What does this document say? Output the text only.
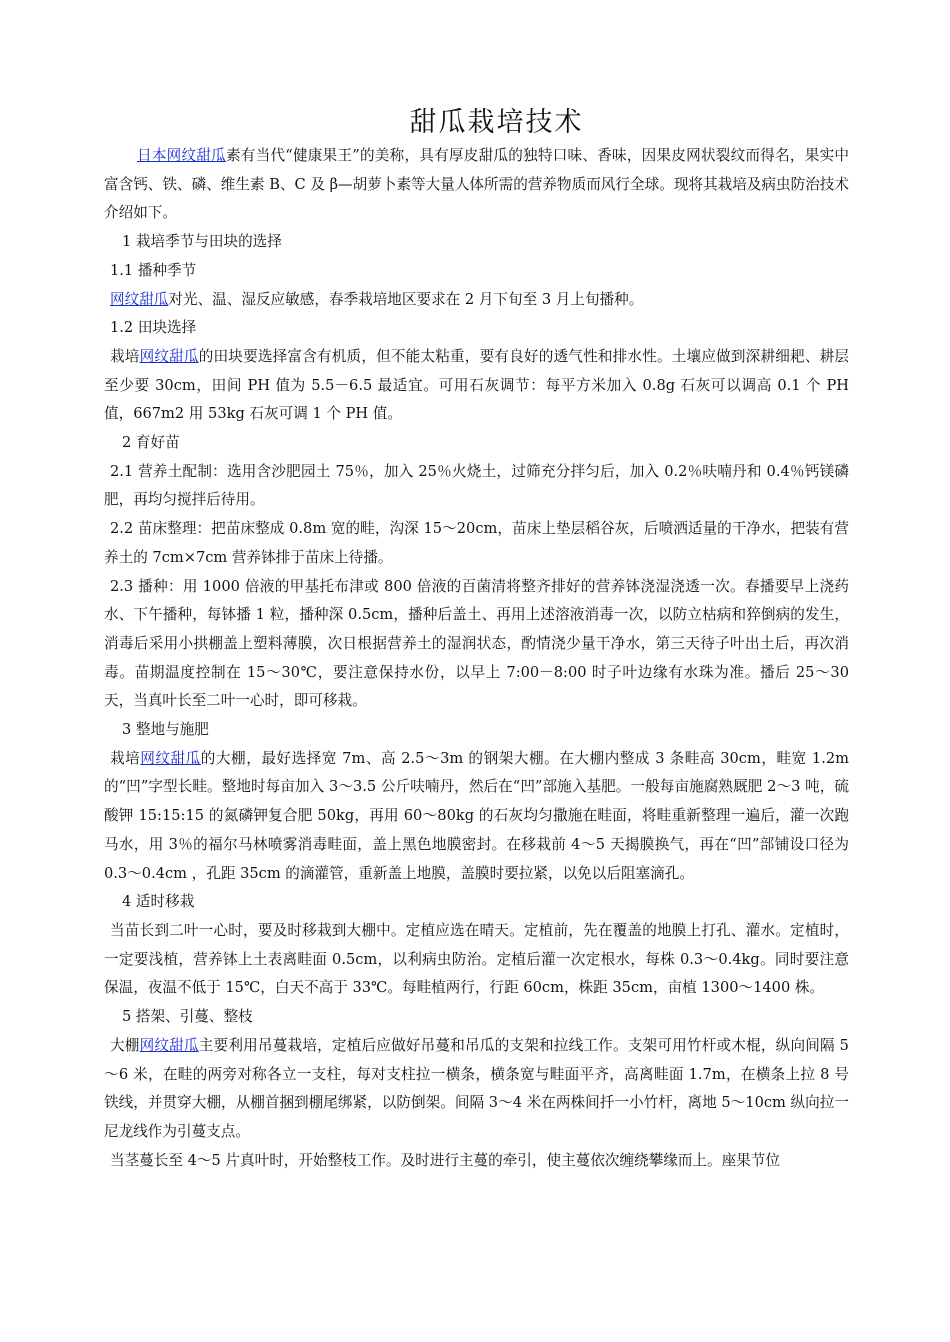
甜瓜栽培技术

日本网纹甜瓜素有当代“健康果王”的美称，具有厚皮甜瓜的独特口味、香味，因果皮网状裂纹而得名，果实中富含钙、铁、磷、维生素 B、C 及 β—胡萝卜素等大量人体所需的营养物质而风行全球。现将其栽培及病虫防治技术介绍如下。

1 栽培季节与田块的选择

1.1 播种季节

网纹甜瓜对光、温、湿反应敏感，春季栽培地区要求在 2 月下旬至 3 月上旬播种。

1.2 田块选择

栽培网纹甜瓜的田块要选择富含有机质，但不能太粘重，要有良好的透气性和排水性。土壤应做到深耕细耙、耕层至少要 30cm，田间 PH 值为 5.5－6.5 最适宜。可用石灰调节：每平方米加入 0.8g 石灰可以调高 0.1 个 PH 值，667m2 用 53kg 石灰可调 1 个 PH 值。

2 育好苗

2.1 营养土配制：选用含沙肥园土 75％，加入 25％火烧土，过筛充分拌匀后，加入 0.2％呋喃丹和 0.4％钙镁磷肥，再均匀搅拌后待用。

2.2 苗床整理：把苗床整成 0.8m 宽的畦，沟深 15～20cm，苗床上垫层稻谷灰，后喷洒适量的干净水，把装有营养土的 7cm×7cm 营养钵排于苗床上待播。

2.3 播种：用 1000 倍液的甲基托布津或 800 倍液的百菌清将整齐排好的营养钵浇湿浇透一次。春播要早上浇药水、下午播种，每钵播 1 粒，播种深 0.5cm，播种后盖土、再用上述溶液消毒一次，以防立枯病和猝倒病的发生，消毒后采用小拱棚盖上塑料薄膜，次日根据营养土的湿润状态，酌情浇少量干净水，第三天待子叶出土后，再次消毒。苗期温度控制在 15～30℃，要注意保持水份，以早上 7:00－8:00 时子叶边缘有水珠为准。播后 25～30 天，当真叶长至二叶一心时，即可移栽。

3 整地与施肥

栽培网纹甜瓜的大棚，最好选择宽 7m、高 2.5～3m 的钢架大棚。在大棚内整成 3 条畦高 30cm，畦宽 1.2m 的“凹”字型长畦。整地时每亩加入 3～3.5 公斤呋喃丹，然后在“凹”部施入基肥。一般每亩施腐熟厩肥 2～3 吨，硫酸钾 15:15:15 的氮磷钾复合肥 50kg，再用 60～80kg 的石灰均匀撒施在畦面，将畦重新整理一遍后，灌一次跑马水，用 3％的福尔马林喷雾消毒畦面，盖上黑色地膜密封。在移栽前 4～5 天揭膜换气，再在“凹”部铺设口径为 0.3～0.4cm ，孔距 35cm 的滴灌管，重新盖上地膜，盖膜时要拉紧，以免以后阻塞滴孔。

4 适时移栽

当苗长到二叶一心时，要及时移栽到大棚中。定植应选在晴天。定植前，先在覆盖的地膜上打孔、灌水。定植时，一定要浅植，营养钵上土表离畦面 0.5cm，以利病虫防治。定植后灌一次定根水，每株 0.3～0.4kg。同时要注意保温，夜温不低于 15℃，白天不高于 33℃。每畦植两行，行距 60cm，株距 35cm，亩植 1300～1400 株。

5 搭架、引蔓、整枝

大棚网纹甜瓜主要利用吊蔓栽培，定植后应做好吊蔓和吊瓜的支架和拉线工作。支架可用竹杆或木棍，纵向间隔 5～6 米，在畦的两旁对称各立一支柱，每对支柱拉一横条，横条宽与畦面平齐，高离畦面 1.7m，在横条上拉 8 号铁线，并贯穿大棚，从棚首捆到棚尾绑紧，以防倒架。间隔 3～4 米在两株间扦一小竹杆，离地 5～10cm 纵向拉一尼龙线作为引蔓支点。

当茎蔓长至 4～5 片真叶时，开始整枝工作。及时进行主蔓的牵引，使主蔓依次缠绕攀缘而上。座果节位
